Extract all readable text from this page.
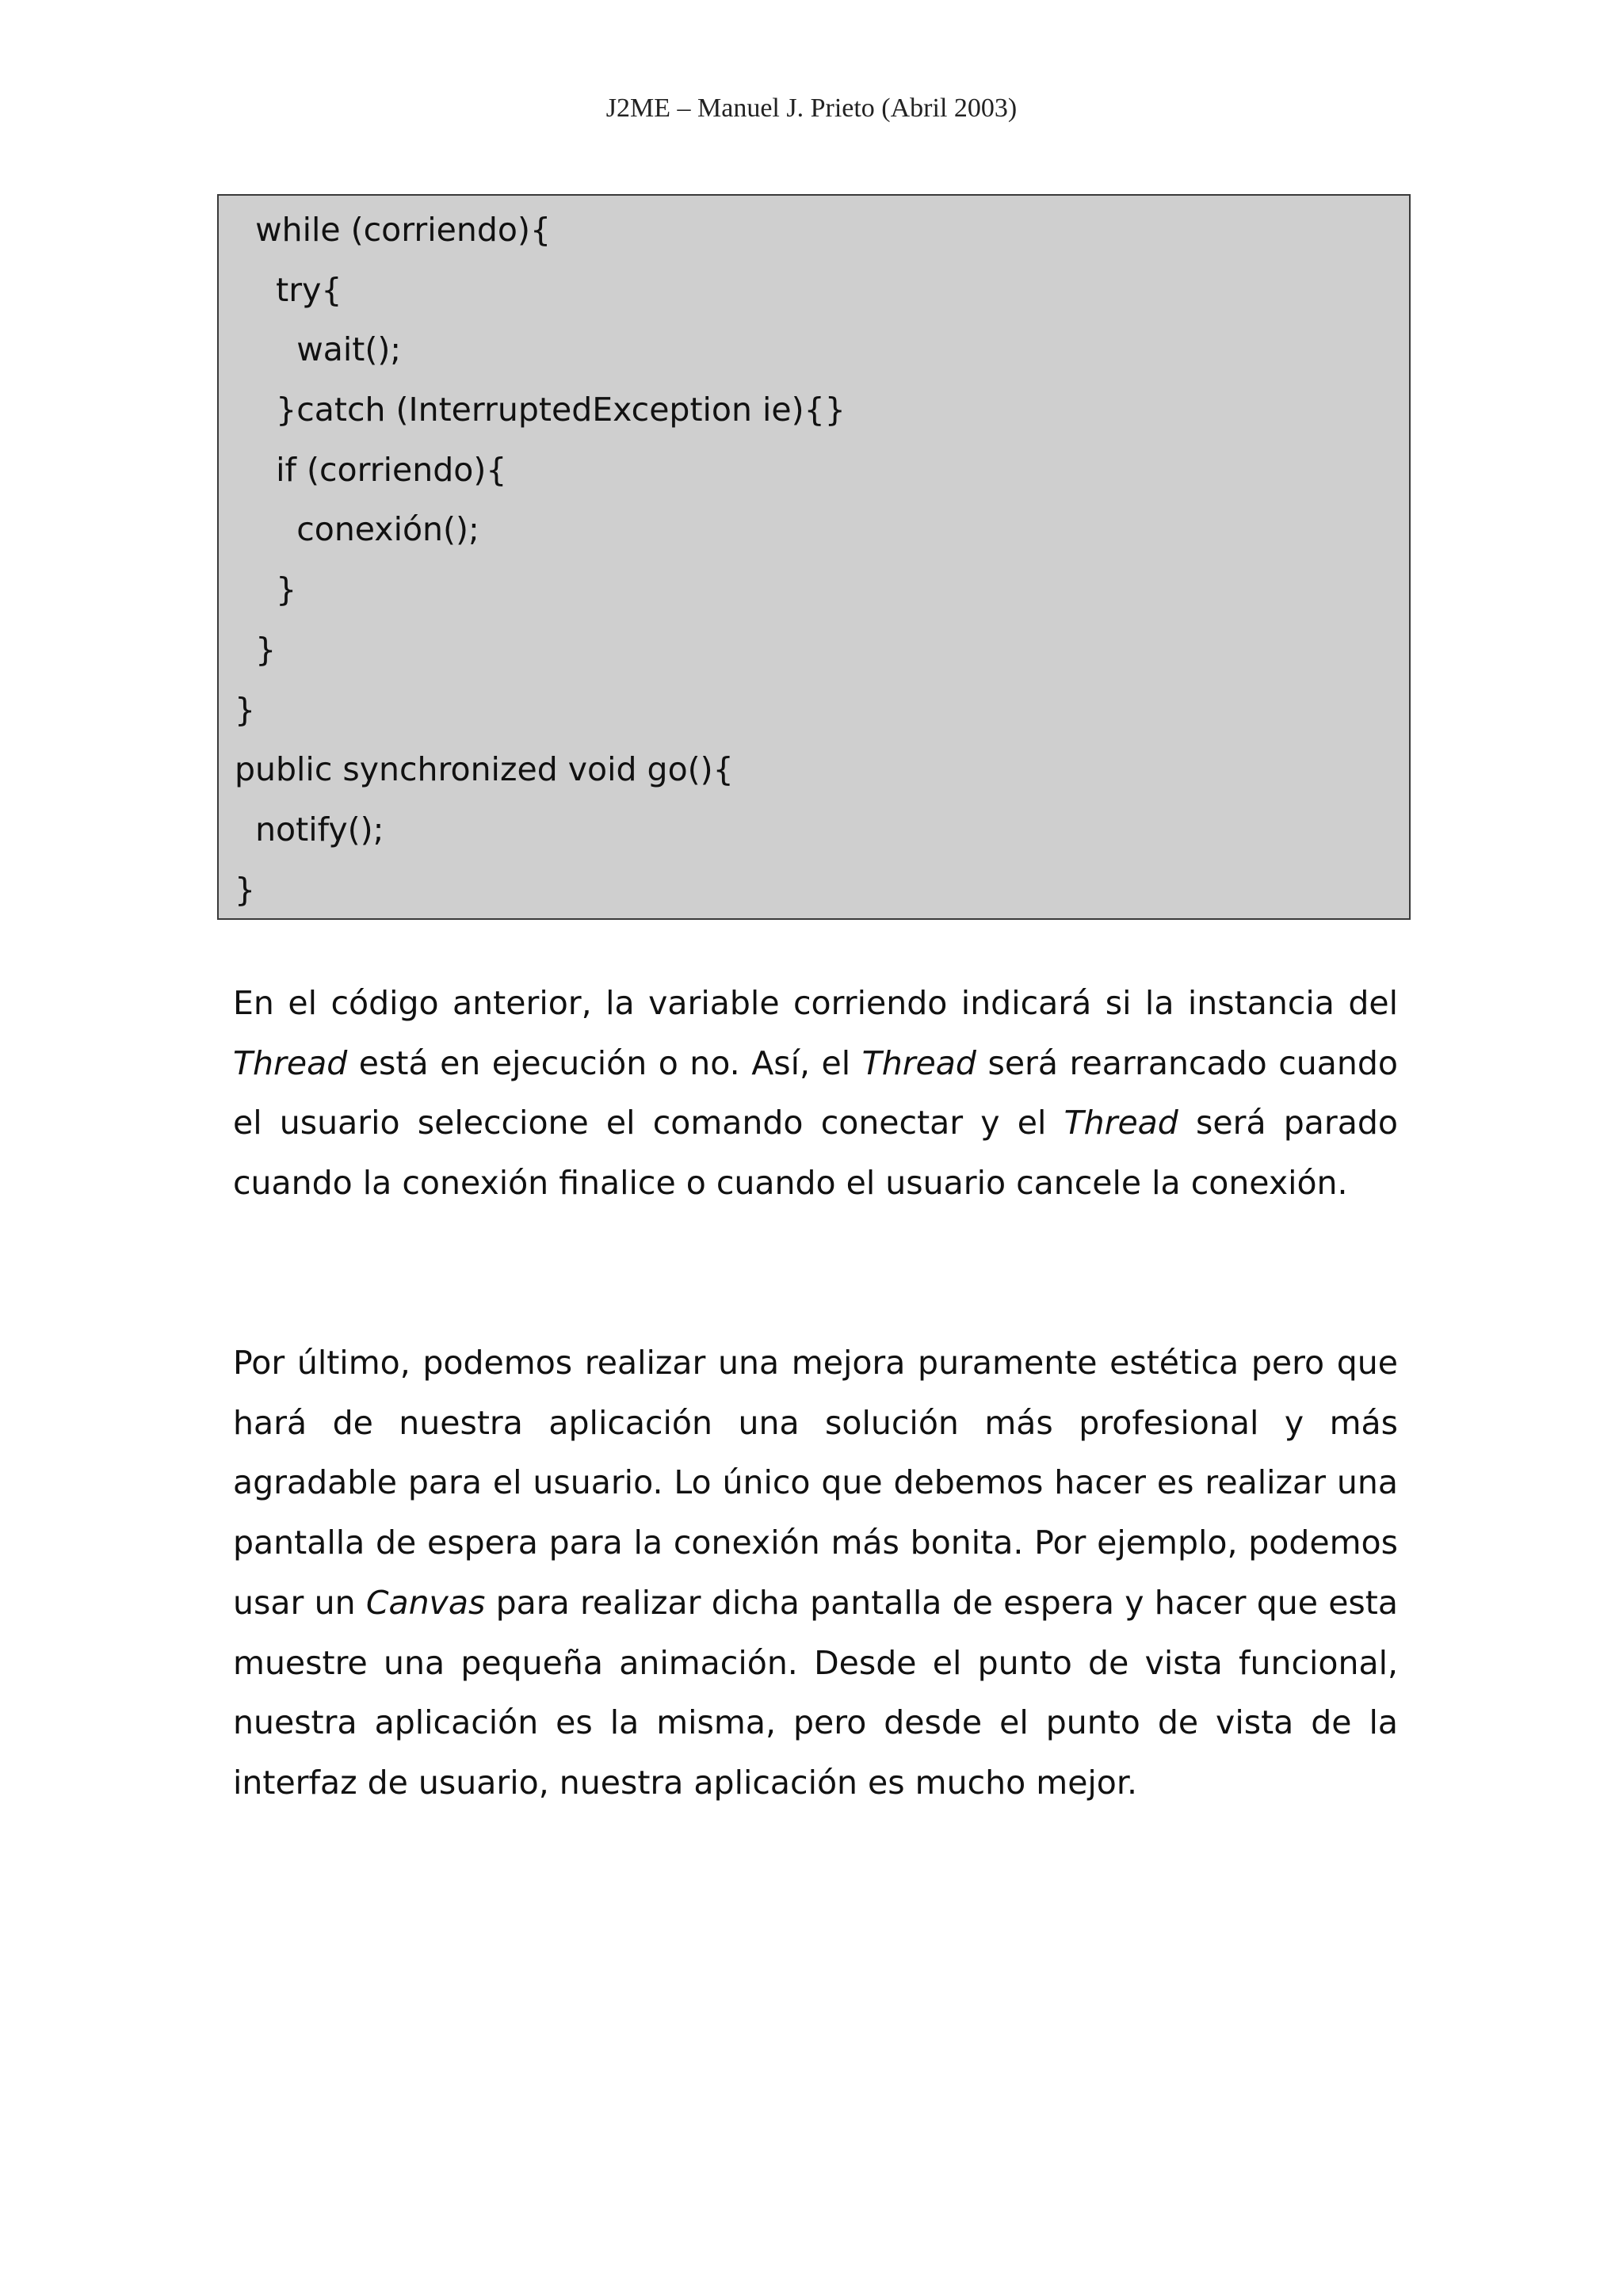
J2ME – Manuel J. Prieto (Abril 2003)
while (corriendo){
try{
wait();
}catch (InterruptedException ie){}
if (corriendo){
conexión();
}
}
}
public synchronized void go(){
notify();
}

En el código anterior, la variable corriendo indicará si la instancia del Thread está en ejecución o no. Así, el Thread será rearrancado cuando el usuario seleccione el comando conectar y el Thread será parado cuando la conexión finalice o cuando el usuario cancele la conexión.

Por último, podemos realizar una mejora puramente estética pero que hará de nuestra aplicación una solución más profesional y más agradable para el usuario. Lo único que debemos hacer es realizar una pantalla de espera para la conexión más bonita. Por ejemplo, podemos usar un Canvas para realizar dicha pantalla de espera y hacer que esta muestre una pequeña animación. Desde el punto de vista funcional, nuestra aplicación es la misma, pero desde el punto de vista de la interfaz de usuario, nuestra aplicación es mucho mejor.
